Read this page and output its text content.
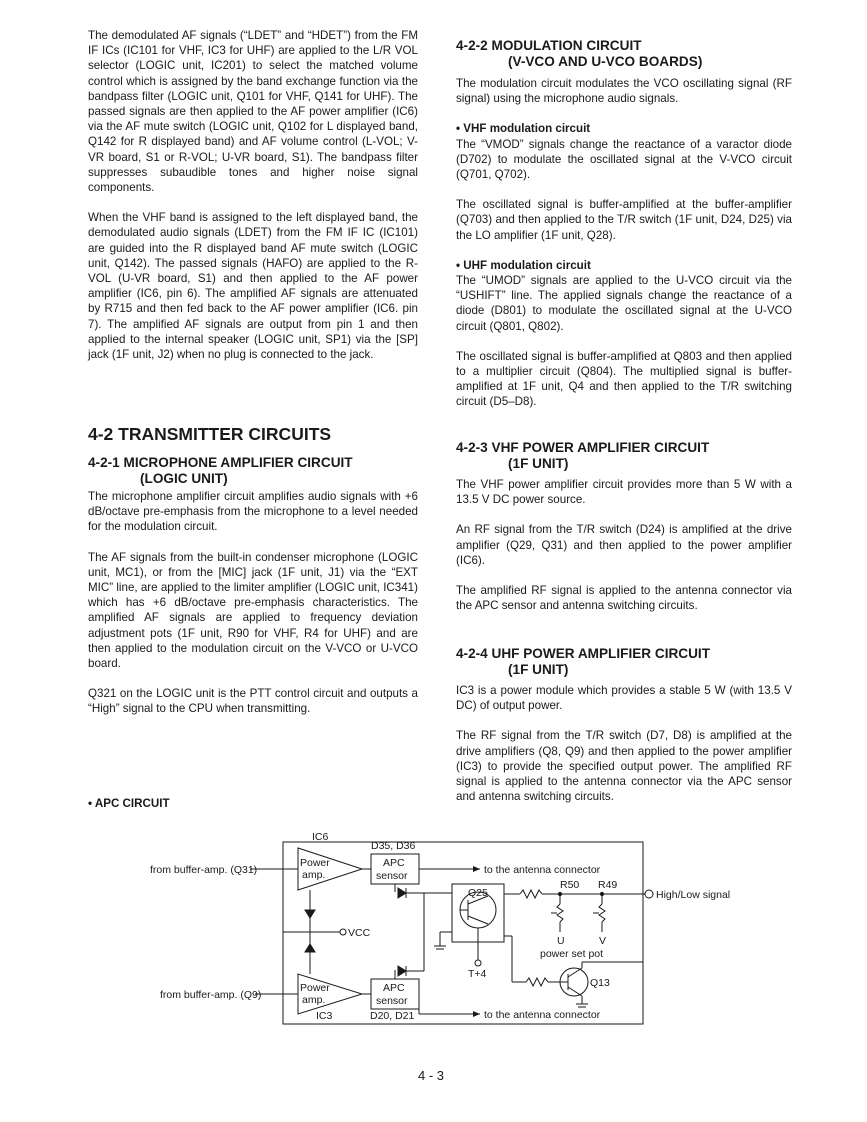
The demodulated AF signals (“LDET” and “HDET”) from the FM IF ICs (IC101 for VHF, IC3 for UHF) are applied to the L/R VOL selector (LOGIC unit, IC201) to select the matched volume control which is assigned by the band exchange function via the bandpass filter (LOGIC unit, Q101 for VHF, Q141 for UHF). The passed signals are then applied to the AF power amplifier (IC6) via the AF mute switch (LOGIC unit, Q102 for L displayed band, Q142 for R displayed band) and AF volume control (L-VOL; V-VR board, S1 or R-VOL; U-VR board, S1). The bandpass filter suppresses subaudible tones and higher noise signal components.

When the VHF band is assigned to the left displayed band, the demodulated audio signals (LDET) from the FM IF IC (IC101) are guided into the R displayed band AF mute switch (LOGIC unit, Q142). The passed signals (HAFO) are applied to the R-VOL (U-VR board, S1) and then applied to the AF power amplifier (IC6, pin 6). The amplified AF signals are attenuated by R715 and then fed back to the AF power amplifier (IC6. pin 7). The amplified AF signals are output from pin 1 and then applied to the internal speaker (LOGIC unit, SP1) via the [SP] jack (1F unit, J2) when no plug is connected to the jack.

4-2 TRANSMITTER CIRCUITS
4-2-1 MICROPHONE AMPLIFIER CIRCUIT
(LOGIC UNIT)

The microphone amplifier circuit amplifies audio signals with +6 dB/octave pre-emphasis from the microphone to a level needed for the modulation circuit.

The AF signals from the built-in condenser microphone (LOGIC unit, MC1), or from the [MIC] jack (1F unit, J1) via the “EXT MIC” line, are applied to the limiter amplifier (LOGIC unit, IC341) which has +6 dB/octave pre-emphasis characteristics. The amplified AF signals are applied to frequency deviation adjustment pots (1F unit, R90 for VHF, R4 for UHF) and are then applied to the modulation circuit on the V-VCO or U-VCO board.

Q321 on the LOGIC unit is the PTT control circuit and outputs a “High” signal to the CPU when transmitting.

• APC CIRCUIT
4-2-2 MODULATION CIRCUIT
(V-VCO AND U-VCO BOARDS)

The modulation circuit modulates the VCO oscillating signal (RF signal) using the microphone audio signals.

• VHF modulation circuit

The “VMOD” signals change the reactance of a varactor diode (D702) to modulate the oscillated signal at the V-VCO circuit (Q701, Q702).

The oscillated signal is buffer-amplified at the buffer-amplifier (Q703) and then applied to the T/R switch (1F unit, D24, D25) via the LO amplifier (1F unit, Q28).

• UHF modulation circuit

The “UMOD” signals are applied to the U-VCO circuit via the “USHIFT” line. The applied signals change the reactance of a diode (D801) to modulate the oscillated signal at the U-VCO circuit (Q801, Q802).

The oscillated signal is buffer-amplified at Q803 and then applied to a multiplier circuit (Q804). The multiplied signal is buffer-amplified at 1F unit, Q4 and then applied to the T/R switching circuit (D5–D8).

4-2-3 VHF POWER AMPLIFIER CIRCUIT
(1F UNIT)

The VHF power amplifier circuit provides more than 5 W with a 13.5 V DC power source.

An RF signal from the T/R switch (D24) is amplified at the drive amplifier (Q29, Q31) and then applied to the power amplifier (IC6).

The amplified RF signal is applied to the antenna connector via the APC sensor and antenna switching circuits.

4-2-4 UHF POWER AMPLIFIER CIRCUIT
(1F UNIT)

IC3 is a power module which provides a stable 5 W (with 13.5 V DC) of output power.

The RF signal from the T/R switch (D7, D8) is amplified at the drive amplifiers (Q8, Q9) and then applied to the power amplifier (IC3) to provide the specified output power. The amplified RF signal is applied to the antenna connector via the APC sensor and antenna switching circuits.

IC6
D35, D36
from buffer-amp. (Q31)
Power
amp.
APC
sensor	to the antenna connector
R50 R49
High/Low signal
Q25
U	V
power set pot
VCC
T+4
Q13
from buffer-amp. (Q9)
Power
amp.
APC
sensor
IC3	D20, D21	to the antenna connector
4 - 3
